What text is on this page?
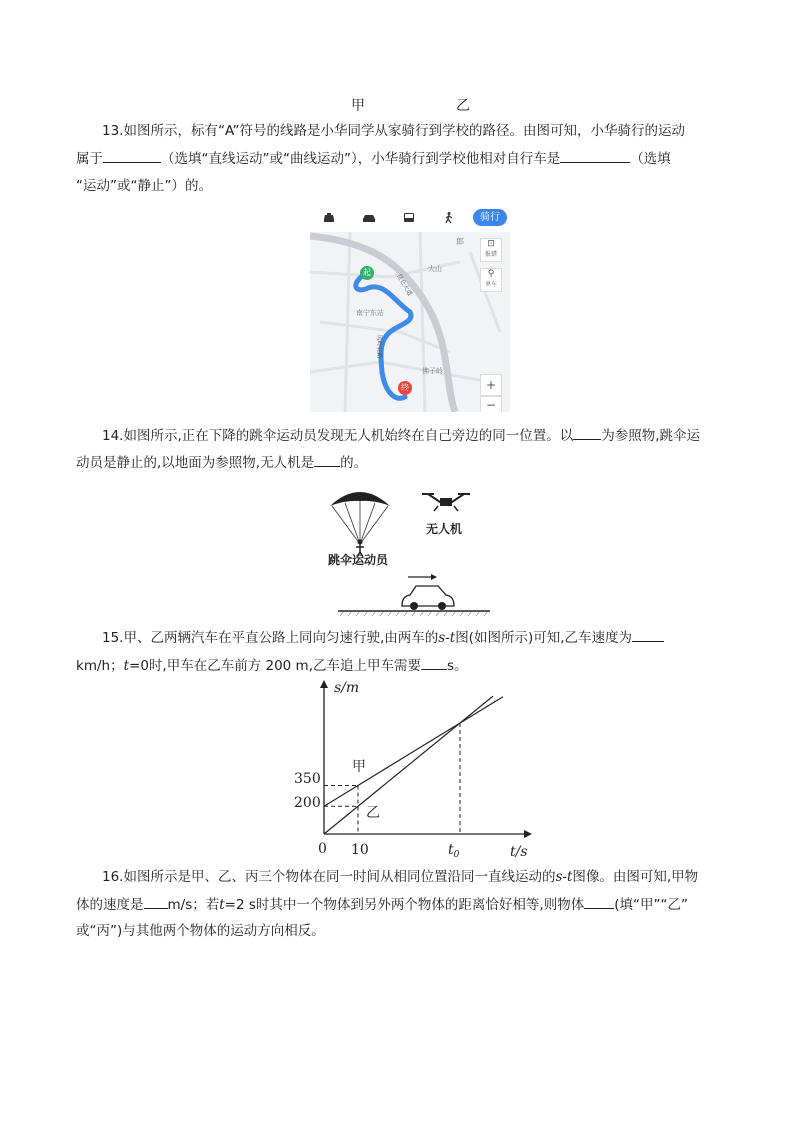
甲	乙
13.如图所示，标有“A”符号的线路是小华同学从家骑行到学校的路径。由图可知，小华骑行的运动
属于	（选填“直线运动”或“曲线运动”），小华骑行到学校他相对自行车是	（选填
“运动”或“静止”）的。
骑行
起
终
大山
南宁东站
佛子岭
昆仑大道
凤岭北路
郎	⊡
报错
⚲
单车
+
−
14.如图所示,正在下降的跳伞运动员发现无人机始终在自己旁边的同一位置。以 为参照物,跳伞运
动员是静止的,以地面为参照物,无人机是 的。
无人机
跳伞运动员
15.甲、乙两辆汽车在平直公路上同向匀速行驶,由两车的s-t图(如图所示)可知,乙车速度为
km/h；t=0时,甲车在乙车前方 200 m,乙车追上甲车需要 s。
s/m
t/s
0 10	$t_0$
200
350
甲
乙
16.如图所示是甲、乙、丙三个物体在同一时间从相同位置沿同一直线运动的s-t图像。由图可知,甲物
体的速度是 m/s；若t=2 s时其中一个物体到另外两个物体的距离恰好相等,则物体 (填“甲”“乙”
或“丙”)与其他两个物体的运动方向相反。
